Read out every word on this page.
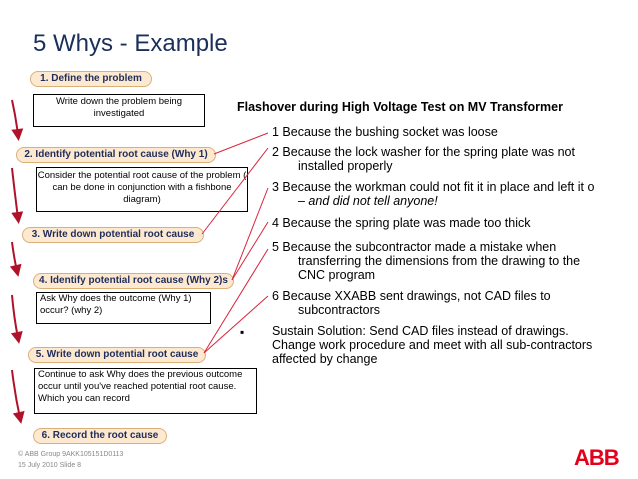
5 Whys - Example
1. Define the problem
2. Identify potential root cause (Why 1)
3. Write down potential root cause
4. Identify potential root cause (Why 2)s
5. Write down potential root cause
6. Record the root cause
Write down the problem being investigated
Consider the potential root cause of the problem ( can be done in conjunction with a fishbone diagram)
Ask Why does the outcome (Why 1) occur? (why 2)
Continue to ask Why does the previous outcome occur until you've reached potential root cause. Which you can record
Flashover during High Voltage Test on MV Transformer
1 Because the bushing socket was loose
2 Because the lock washer for the spring plate was not
installed properly
3 Because the workman could not fit it in place and left it o
– and did not tell anyone!
4 Because the spring plate was made too thick
5 Because the subcontractor made a mistake when
transferring the dimensions from the drawing to the
CNC program
6 Because XXABB sent drawings, not CAD files to
subcontractors
▪ Sustain Solution: Send CAD files instead of drawings.
Change work procedure and meet with all sub-contractors
affected by change
© ABB Group 9AKK105151D0113
15 July 2010 Slide 8	ABB
